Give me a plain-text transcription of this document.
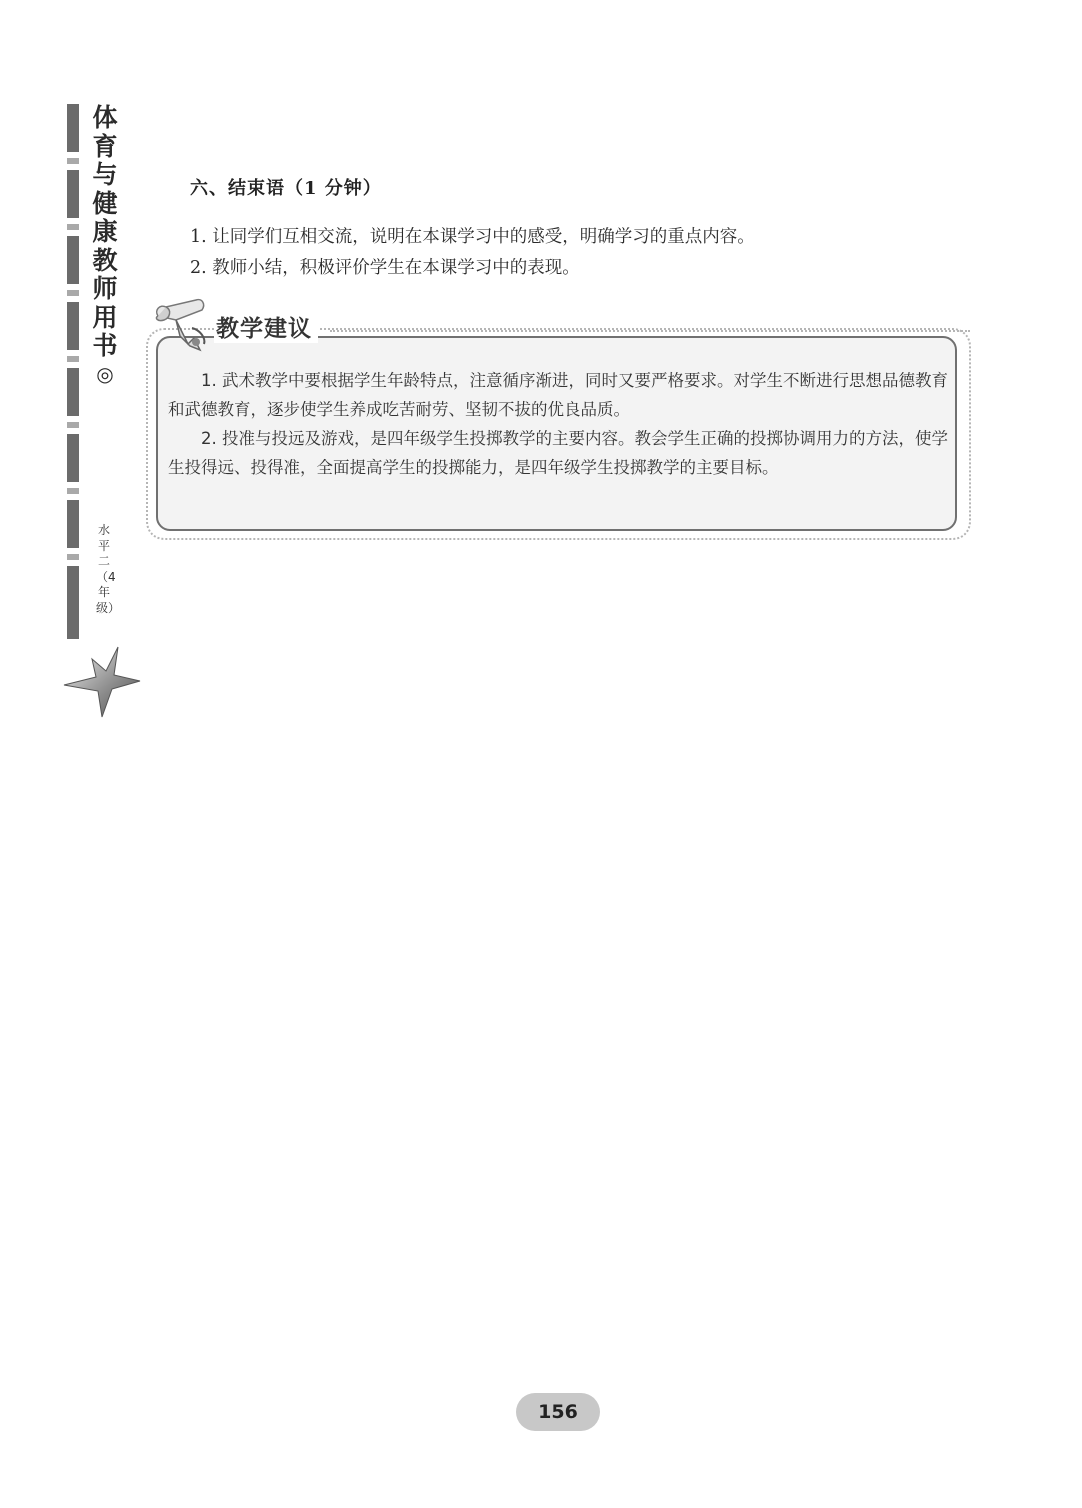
体育与健康教师用书
◎
水平二（4年级）
六、结束语（1 分钟）
1. 让同学们互相交流，说明在本课学习中的感受，明确学习的重点内容。
2. 教师小结，积极评价学生在本课学习中的表现。
教学建议

1. 武术教学中要根据学生年龄特点，注意循序渐进，同时又要严格要求。对学生不断进行思想品德教育和武德教育，逐步使学生养成吃苦耐劳、坚韧不拔的优良品质。

2. 投准与投远及游戏，是四年级学生投掷教学的主要内容。教会学生正确的投掷协调用力的方法，使学生投得远、投得准，全面提高学生的投掷能力，是四年级学生投掷教学的主要目标。

156
